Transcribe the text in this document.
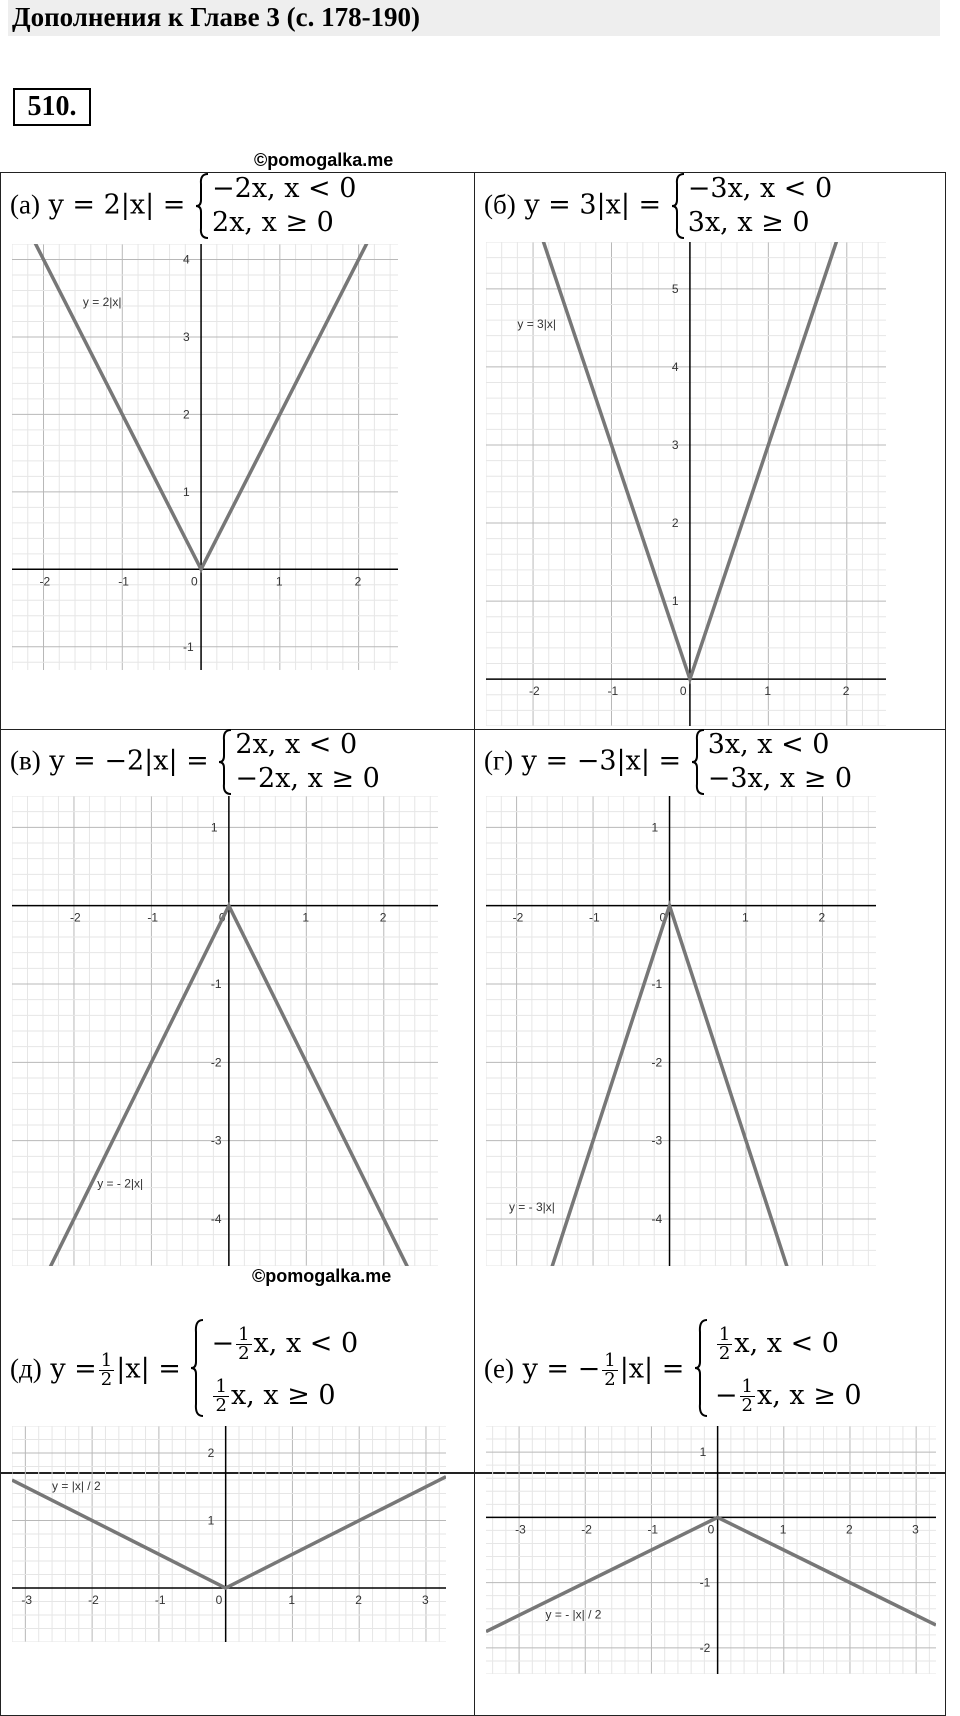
Дополнения к Главе 3 (с. 178-190)
510.
©pomogalka.me
(а) y = 2|x| =
−2x, x < 0
2x, x ≥ 0
(б) y = 3|x| =
−3x, x < 0
3x, x ≥ 0
(в) y = −2|x| =
2x, x < 0
−2x, x ≥ 0
(г) y = −3|x| =
3x, x < 0
−3x, x ≥ 0
(д) $y = \frac{1}{2} |x|$ =
− $\frac{1}{2} x$, x < 0
$\frac{1}{2} x$, x ≥ 0
(е) y = − $\frac{1}{2} |x|$ =
$\frac{1}{2} x$, x < 0
− $\frac{1}{2} x$, x ≥ 0
-2	-1	0	1	2
-1
1
2
3
4
y = 2|x|
-2	-1	0	1	2
1
2
3
4
5
y = 3|x|
-2	-1	0	1	2
1
-1
-2
-3
-4
y = - 2|x|
-2	-1	0	1	2
1
-1
-2
-3
-4
y = - 3|x|
-3	-2	-1	0	1	2	3
1
2
y = |x| / 2
-3	-2	-1	0	1	2	3
1
-1
-2
y = - |x| / 2
©pomogalka.me
